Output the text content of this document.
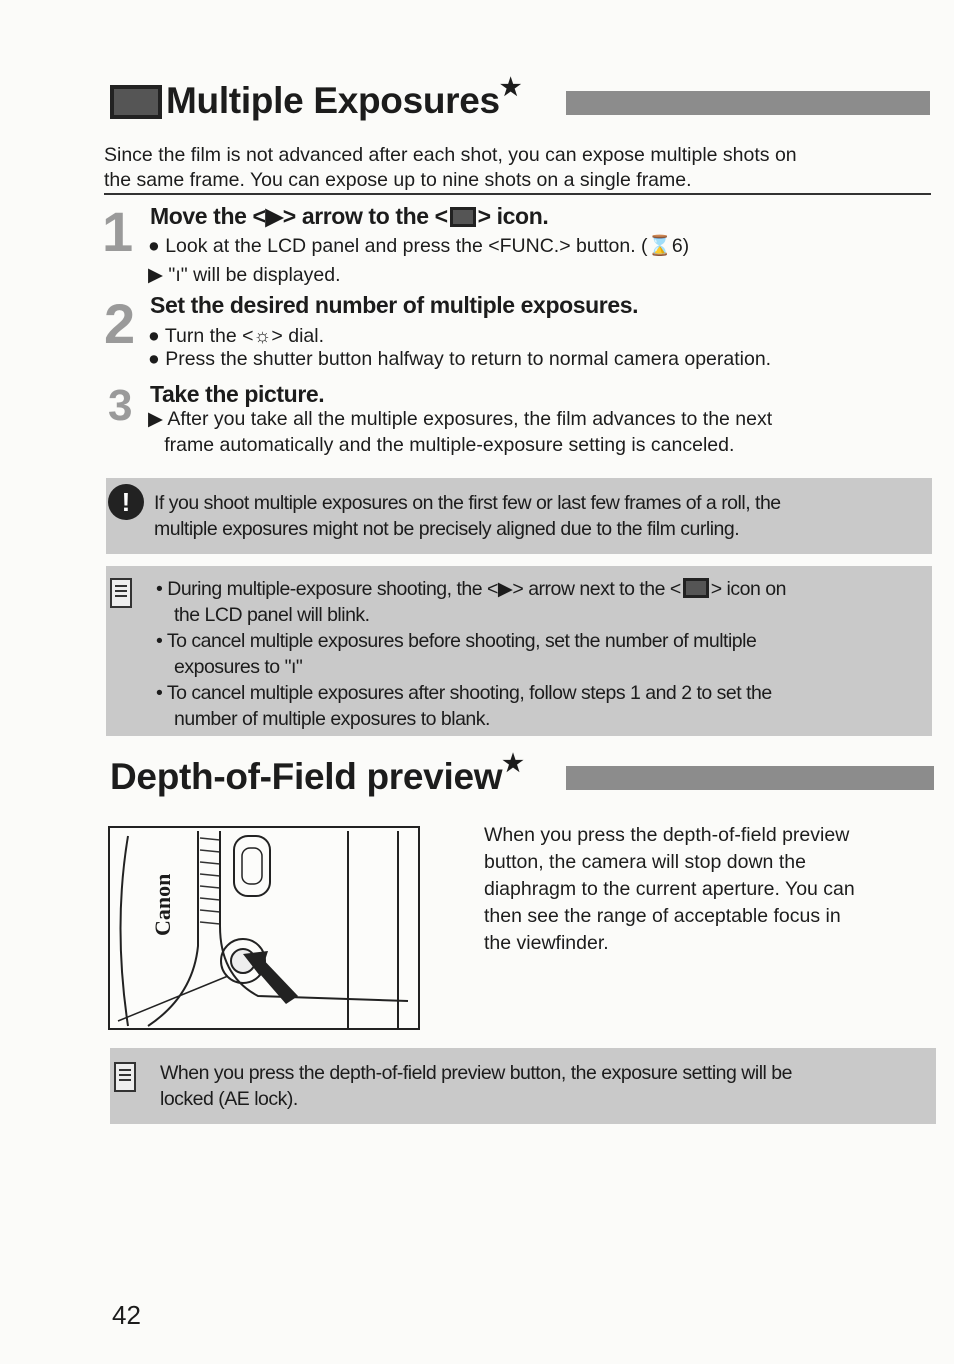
Multiple Exposures★
Since the film is not advanced after each shot, you can expose multiple shots on
the same frame. You can expose up to nine shots on a single frame.
1 Move the <▶> arrow to the < > icon.
● Look at the LCD panel and press the <FUNC.> button. (⌛6)
▶ "ı" will be displayed.
2 Set the desired number of multiple exposures.
● Turn the <☼> dial.
● Press the shutter button halfway to return to normal camera operation.
3 Take the picture.
▶ After you take all the multiple exposures, the film advances to the next
frame automatically and the multiple-exposure setting is canceled.
!	If you shoot multiple exposures on the first few or last few frames of a roll, the
multiple exposures might not be precisely aligned due to the film curling.
• During multiple-exposure shooting, the <▶> arrow next to the < > icon on
the LCD panel will blink.
• To cancel multiple exposures before shooting, set the number of multiple
exposures to "ı"
• To cancel multiple exposures after shooting, follow steps 1 and 2 to set the
number of multiple exposures to blank.
Depth-of-Field preview★
Canon
When you press the depth-of-field preview
button, the camera will stop down the
diaphragm to the current aperture. You can
then see the range of acceptable focus in
the viewfinder.
When you press the depth-of-field preview button, the exposure setting will be
locked (AE lock).
42
